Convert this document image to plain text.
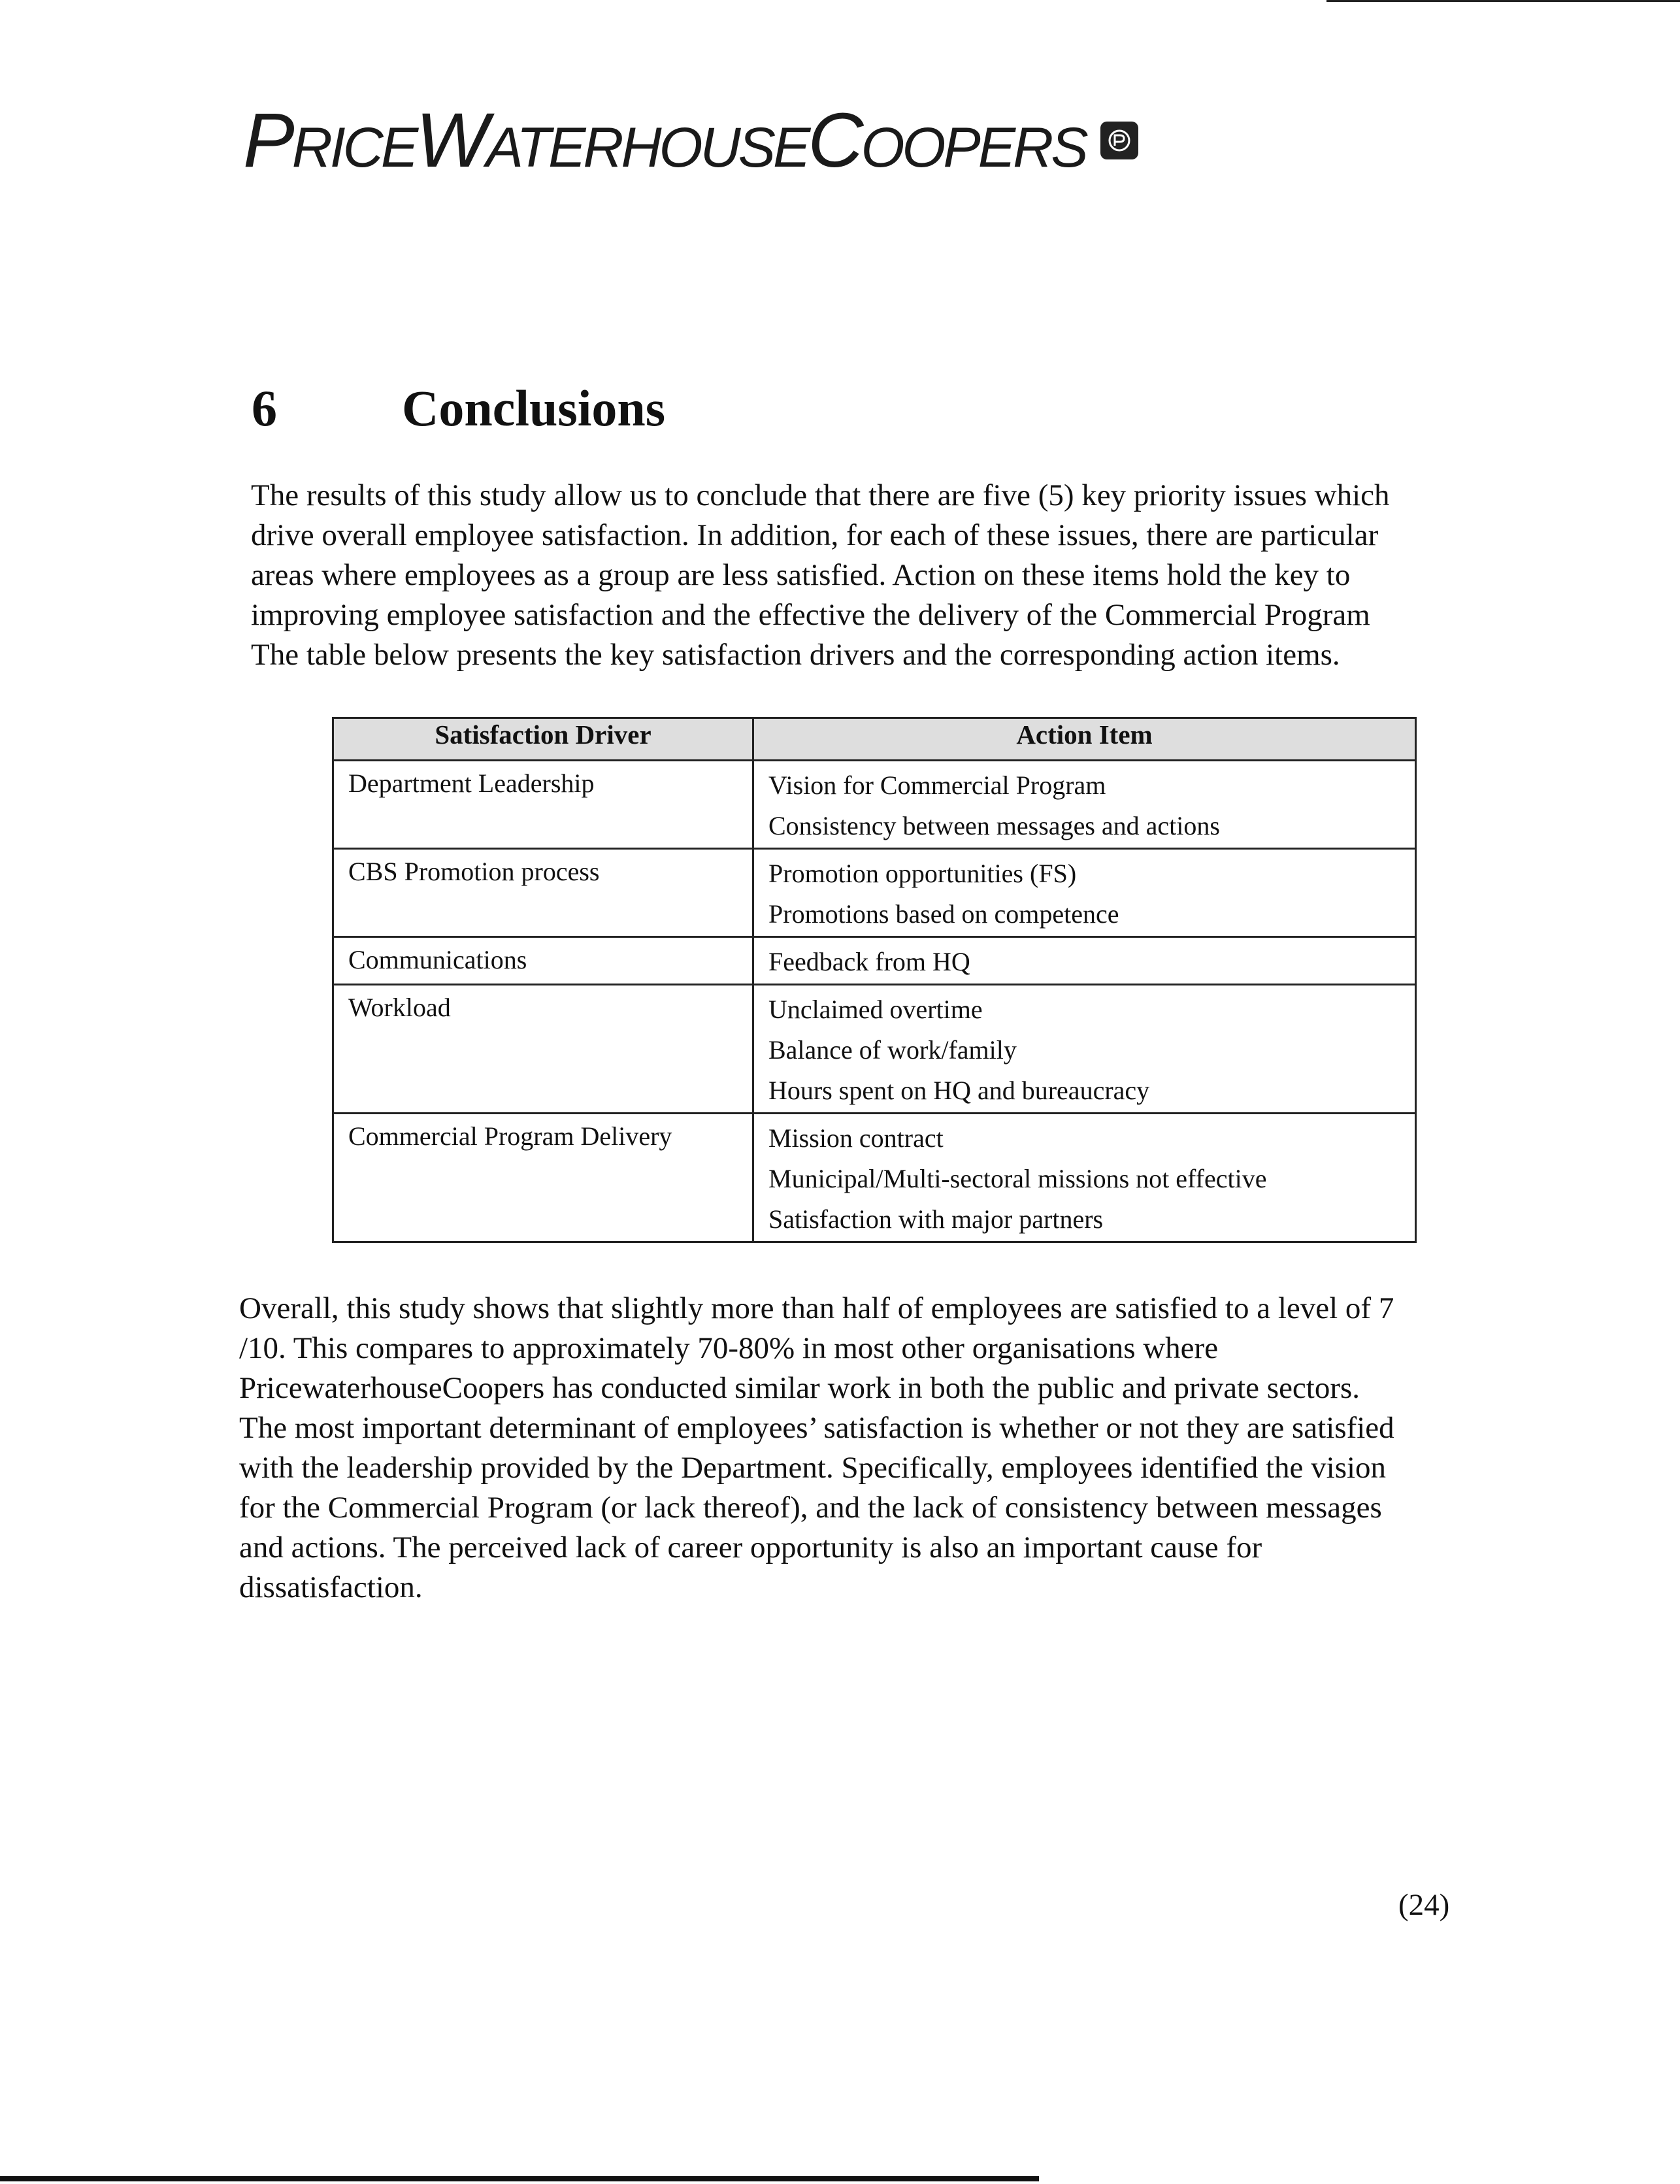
PRICEWATERHOUSECOOPERS
6	Conclusions

The results of this study allow us to conclude that there are five (5) key priority issues which
drive overall employee satisfaction. In addition, for each of these issues, there are particular
areas where employees as a group are less satisfied. Action on these items hold the key to
improving employee satisfaction and the effective the delivery of the Commercial Program
The table below presents the key satisfaction drivers and the corresponding action items.

Satisfaction Driver	Action Item
Department Leadership	Vision for Commercial Program
Consistency between messages and actions

CBS Promotion process	Promotion opportunities (FS)
Promotions based on competence

Communications	Feedback from HQ

Workload	Unclaimed overtime
Balance of work/family
Hours spent on HQ and bureaucracy

Commercial Program Delivery	Mission contract
Municipal/Multi-sectoral missions not effective
Satisfaction with major partners

Overall, this study shows that slightly more than half of employees are satisfied to a level of 7
/10. This compares to approximately 70-80% in most other organisations where
PricewaterhouseCoopers has conducted similar work in both the public and private sectors.
The most important determinant of employees’ satisfaction is whether or not they are satisfied
with the leadership provided by the Department. Specifically, employees identified the vision
for the Commercial Program (or lack thereof), and the lack of consistency between messages
and actions. The perceived lack of career opportunity is also an important cause for
dissatisfaction.

(24)
